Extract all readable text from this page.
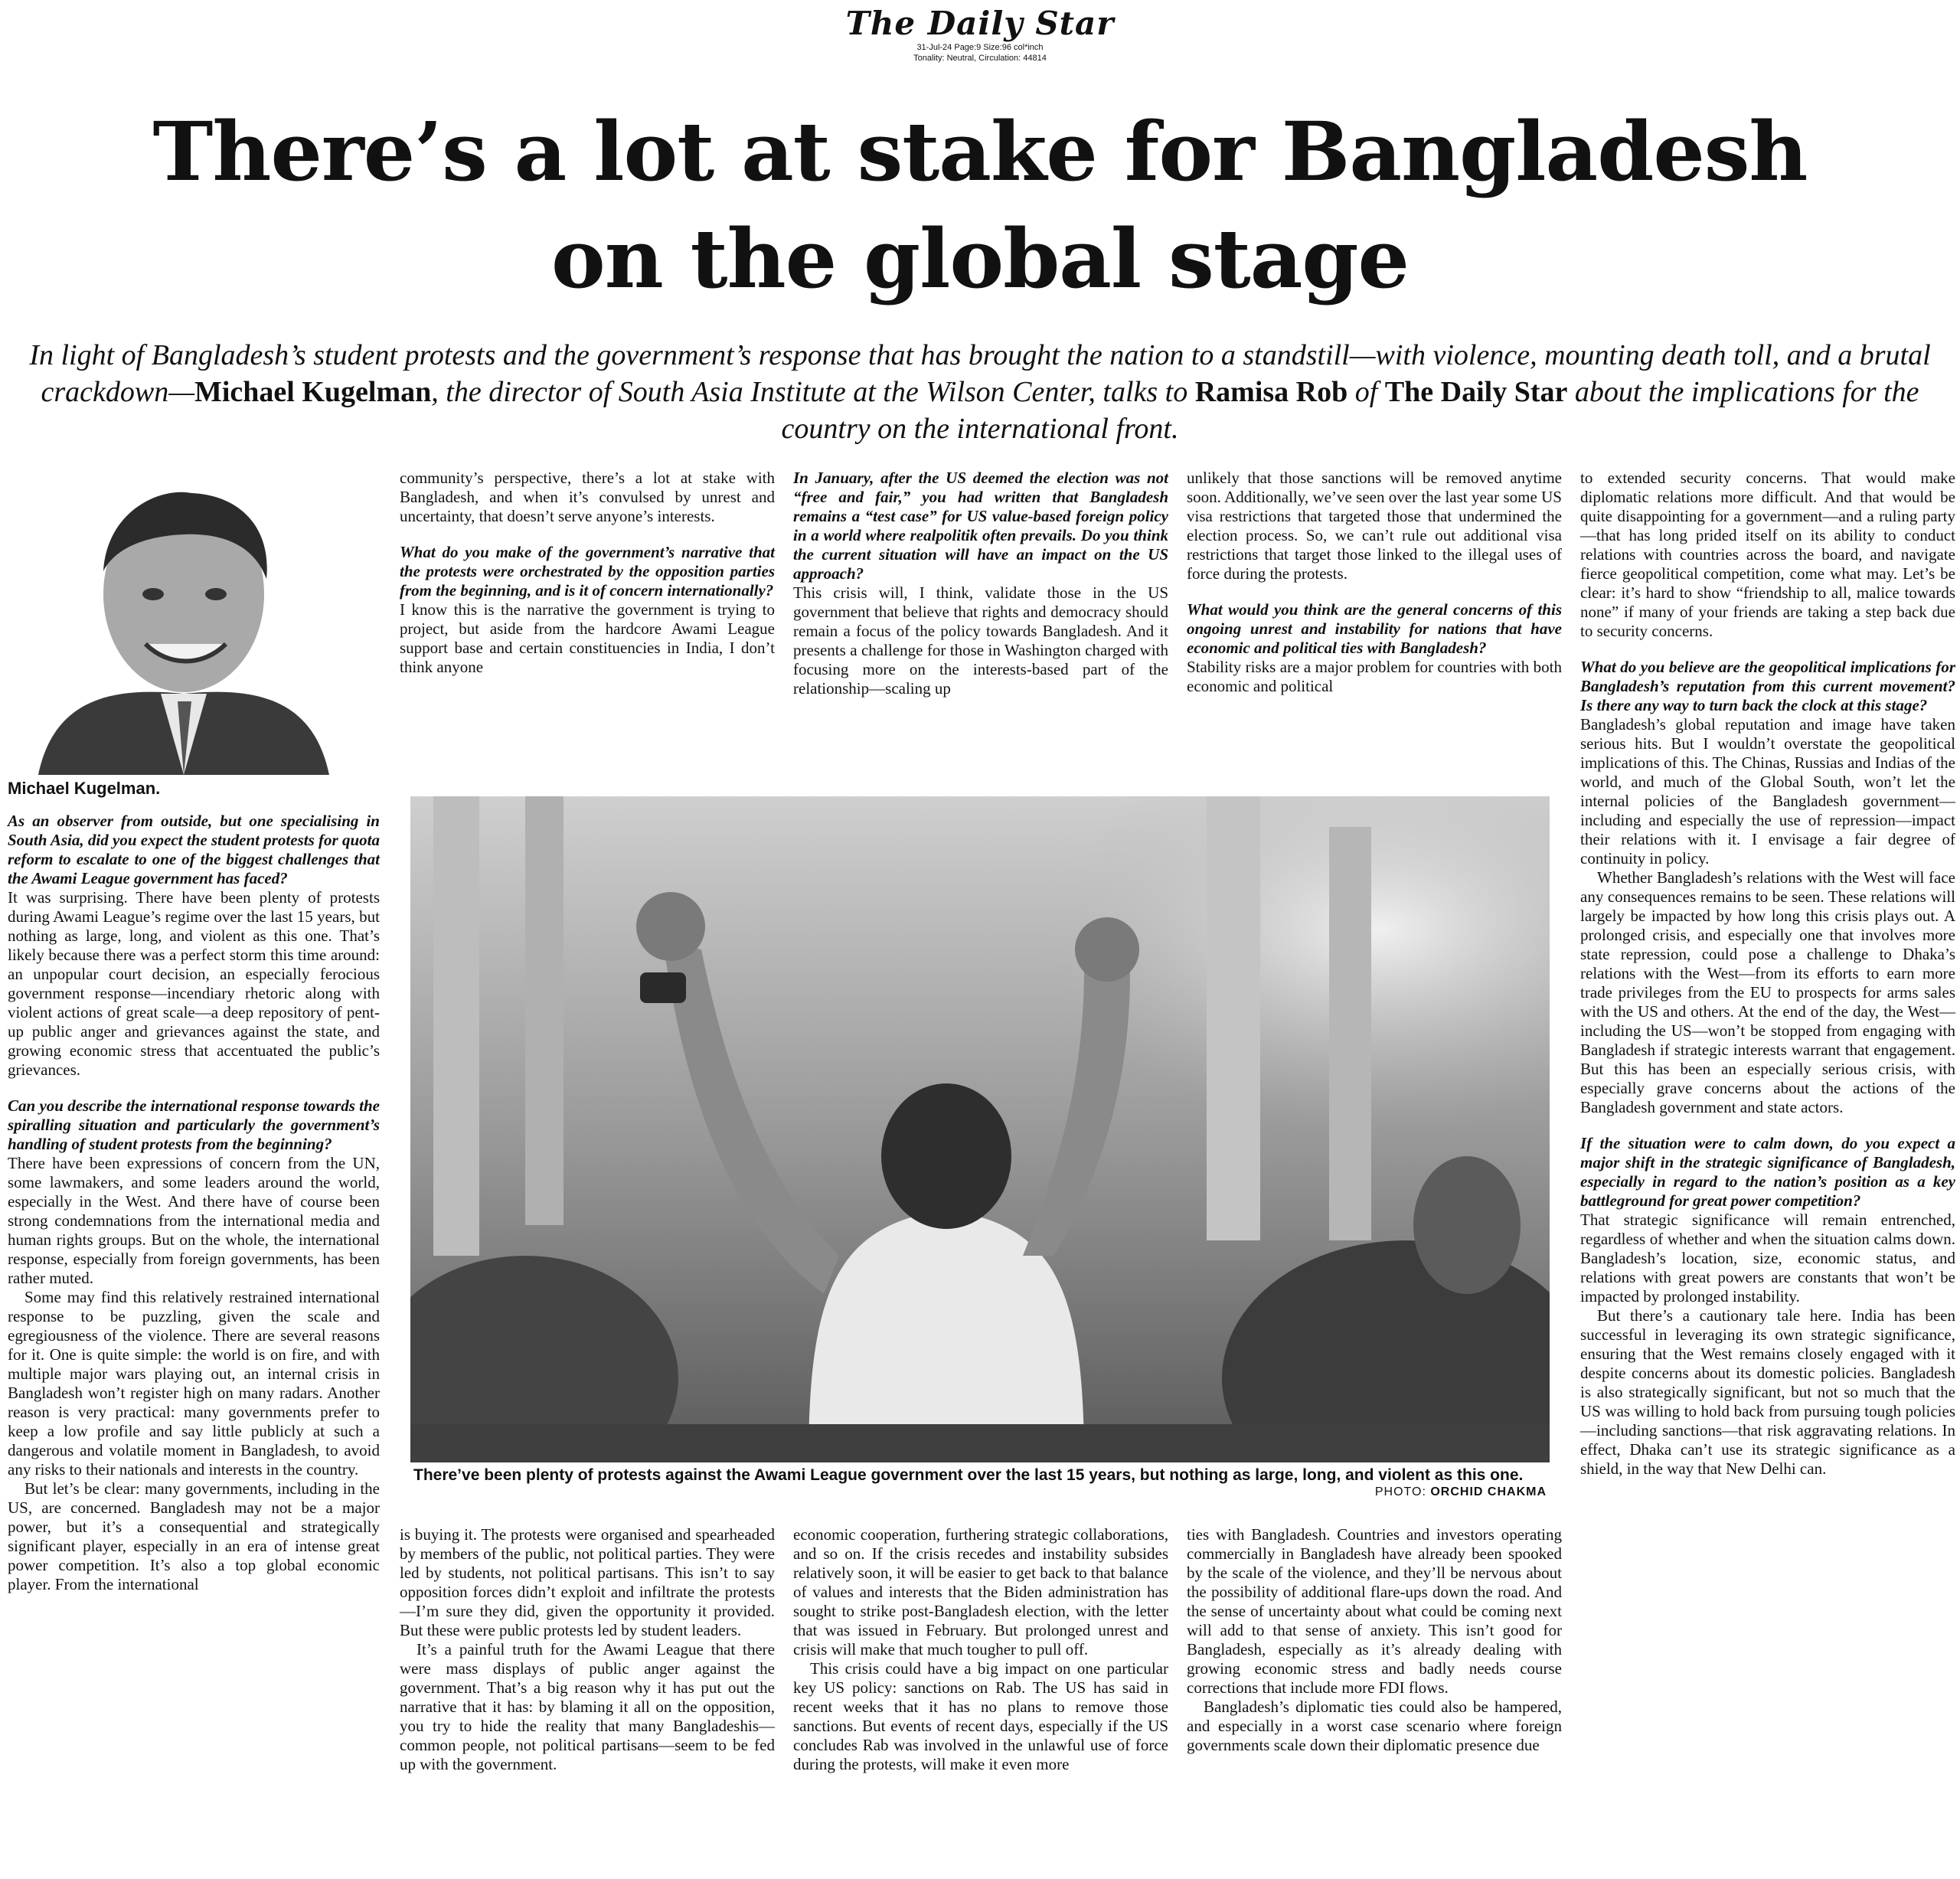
The Daily Star
31-Jul-24 Page:9 Size:96 col*inch
Tonality: Neutral, Circulation: 44814
There’s a lot at stake for Bangladesh
on the global stage
In light of Bangladesh’s student protests and the government’s response that has brought the nation to a standstill—with violence, mounting death toll, and a brutal crackdown—Michael Kugelman, the director of South Asia Institute at the Wilson Center, talks to Ramisa Rob of The Daily Star about the implications for the country on the international front.
Michael Kugelman.

As an observer from outside, but one specialising in South Asia, did you expect the student protests for quota reform to escalate to one of the biggest challenges that the Awami League government has faced?

It was surprising. There have been plenty of protests during Awami League’s regime over the last 15 years, but nothing as large, long, and violent as this one. That’s likely because there was a perfect storm this time around: an unpopular court decision, an especially ferocious government response—incendiary rhetoric along with violent actions of great scale—a deep repository of pent-up public anger and grievances against the state, and growing economic stress that accentuated the public’s grievances.

Can you describe the international response towards the spiralling situation and particularly the government’s handling of student protests from the beginning?

There have been expressions of concern from the UN, some lawmakers, and some leaders around the world, especially in the West. And there have of course been strong condemnations from the international media and human rights groups. But on the whole, the international response, especially from foreign governments, has been rather muted.

Some may find this relatively restrained international response to be puzzling, given the scale and egregiousness of the violence. There are several reasons for it. One is quite simple: the world is on fire, and with multiple major wars playing out, an internal crisis in Bangladesh won’t register high on many radars. Another reason is very practical: many governments prefer to keep a low profile and say little publicly at such a dangerous and volatile moment in Bangladesh, to avoid any risks to their nationals and interests in the country.

But let’s be clear: many governments, including in the US, are concerned. Bangladesh may not be a major power, but it’s a consequential and strategically significant player, especially in an era of intense great power competition. It’s also a top global economic player. From the international

community’s perspective, there’s a lot at stake with Bangladesh, and when it’s convulsed by unrest and uncertainty, that doesn’t serve anyone’s interests.

What do you make of the government’s narrative that the protests were orchestrated by the opposition parties from the beginning, and is it of concern internationally?

I know this is the narrative the government is trying to project, but aside from the hardcore Awami League support base and certain constituencies in India, I don’t think anyone

In January, after the US deemed the election was not “free and fair,” you had written that Bangladesh remains a “test case” for US value-based foreign policy in a world where realpolitik often prevails. Do you think the current situation will have an impact on the US approach?

This crisis will, I think, validate those in the US government that believe that rights and democracy should remain a focus of the policy towards Bangladesh. And it presents a challenge for those in Washington charged with focusing more on the interests-based part of the relationship—scaling up

unlikely that those sanctions will be removed anytime soon. Additionally, we’ve seen over the last year some US visa restrictions that targeted those that undermined the election process. So, we can’t rule out additional visa restrictions that target those linked to the illegal uses of force during the protests.

What would you think are the general concerns of this ongoing unrest and instability for nations that have economic and political ties with Bangladesh?

Stability risks are a major problem for countries with both economic and political

to extended security concerns. That would make diplomatic relations more difficult. And that would be quite disappointing for a government—and a ruling party—that has long prided itself on its ability to conduct relations with countries across the board, and navigate fierce geopolitical competition, come what may. Let’s be clear: it’s hard to show “friendship to all, malice towards none” if many of your friends are taking a step back due to security concerns.

What do you believe are the geopolitical implications for Bangladesh’s reputation from this current movement? Is there any way to turn back the clock at this stage?

Bangladesh’s global reputation and image have taken serious hits. But I wouldn’t overstate the geopolitical implications of this. The Chinas, Russias and Indias of the world, and much of the Global South, won’t let the internal policies of the Bangladesh government—including and especially the use of repression—impact their relations with it. I envisage a fair degree of continuity in policy.

Whether Bangladesh’s relations with the West will face any consequences remains to be seen. These relations will largely be impacted by how long this crisis plays out. A prolonged crisis, and especially one that involves more state repression, could pose a challenge to Dhaka’s relations with the West—from its efforts to earn more trade privileges from the EU to prospects for arms sales with the US and others. At the end of the day, the West—including the US—won’t be stopped from engaging with Bangladesh if strategic interests warrant that engagement. But this has been an especially serious crisis, with especially grave concerns about the actions of the Bangladesh government and state actors.

If the situation were to calm down, do you expect a major shift in the strategic significance of Bangladesh, especially in regard to the nation’s position as a key battleground for great power competition?

That strategic significance will remain entrenched, regardless of whether and when the situation calms down. Bangladesh’s location, size, economic status, and relations with great powers are constants that won’t be impacted by prolonged instability.

But there’s a cautionary tale here. India has been successful in leveraging its own strategic significance, ensuring that the West remains closely engaged with it despite concerns about its domestic policies. Bangladesh is also strategically significant, but not so much that the US was willing to hold back from pursuing tough policies—including sanctions—that risk aggravating relations. In effect, Dhaka can’t use its strategic significance as a shield, in the way that New Delhi can.

There’ve been plenty of protests against the Awami League government over the last 15 years, but nothing as large, long, and violent as this one.
PHOTO: ORCHID CHAKMA

is buying it. The protests were organised and spearheaded by members of the public, not political parties. They were led by students, not political partisans. This isn’t to say opposition forces didn’t exploit and infiltrate the protests—I’m sure they did, given the opportunity it provided. But these were public protests led by student leaders.

It’s a painful truth for the Awami League that there were mass displays of public anger against the government. That’s a big reason why it has put out the narrative that it has: by blaming it all on the opposition, you try to hide the reality that many Bangladeshis—common people, not political partisans—seem to be fed up with the government.

economic cooperation, furthering strategic collaborations, and so on. If the crisis recedes and instability subsides relatively soon, it will be easier to get back to that balance of values and interests that the Biden administration has sought to strike post-Bangladesh election, with the letter that was issued in February. But prolonged unrest and crisis will make that much tougher to pull off.

This crisis could have a big impact on one particular key US policy: sanctions on Rab. The US has said in recent weeks that it has no plans to remove those sanctions. But events of recent days, especially if the US concludes Rab was involved in the unlawful use of force during the protests, will make it even more

ties with Bangladesh. Countries and investors operating commercially in Bangladesh have already been spooked by the scale of the violence, and they’ll be nervous about the possibility of additional flare-ups down the road. And the sense of uncertainty about what could be coming next will add to that sense of anxiety. This isn’t good for Bangladesh, especially as it’s already dealing with growing economic stress and badly needs course corrections that include more FDI flows.

Bangladesh’s diplomatic ties could also be hampered, and especially in a worst case scenario where foreign governments scale down their diplomatic presence due
